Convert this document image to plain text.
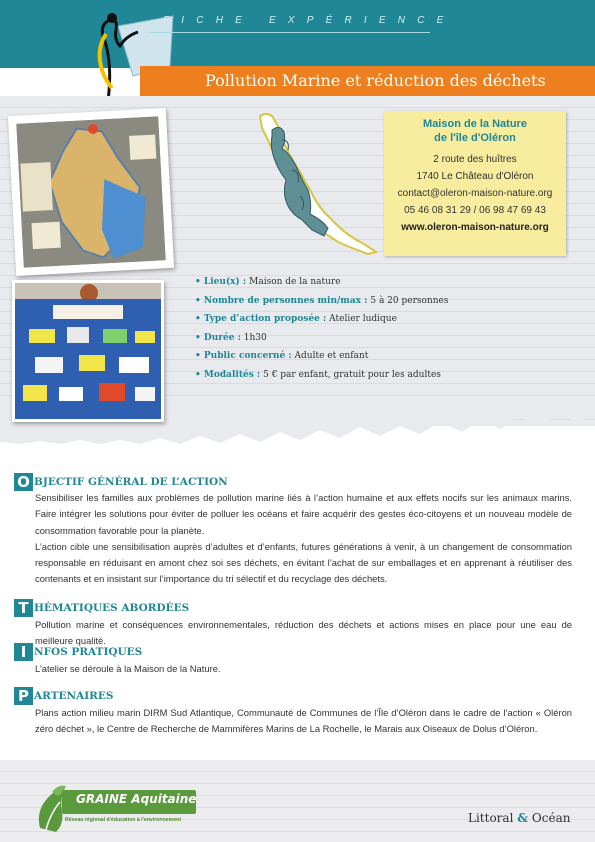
FICHE EXPÉRIENCE
Pollution Marine et réduction des déchets
Maison de la Nature
de l'île d'Oléron
2 route des huîtres
1740 Le Château d'Oléron
contact@oleron-maison-nature.org
05 46 08 31 29 / 06 98 47 69 43
www.oleron-maison-nature.org
• Lieu(x) : Maison de la nature
• Nombre de personnes min/max : 5 à 20 personnes
• Type d’action proposée : Atelier ludique
• Durée : 1h30
• Public concerné : Adulte et enfant
• Modalités : 5 € par enfant, gratuit pour les adultes
O BJECTIF GÉNÉRAL DE L’ACTION

Sensibiliser les familles aux problèmes de pollution marine liés à l’action humaine et aux effets nocifs sur les animaux marins. Faire intégrer les solutions pour éviter de polluer les océans et faire acquérir des gestes éco-citoyens et un nouveau modèle de consommation favorable pour la planète.

L’action cible une sensibilisation auprès d’adultes et d’enfants, futures générations à venir, à un changement de consommation responsable en réduisant en amont chez soi ses déchets, en évitant l’achat de sur emballages et en apprenant à réutiliser des contenants et en insistant sur l’importance du tri sélectif et du recyclage des déchets.

T HÉMATIQUES ABORDÉES

Pollution marine et conséquences environnementales, réduction des déchets et actions mises en place pour une eau de meilleure qualité.

I NFOS PRATIQUES

L’atelier se déroule à la Maison de la Nature.

P ARTENAIRES

Plans action milieu marin DIRM Sud Atlantique, Communauté de Communes de l’Île d’Oléron dans le cadre de l’action « Oléron zéro déchet », le Centre de Recherche de Mammifères Marins de La Rochelle, le Marais aux Oiseaux de Dolus d’Oléron.

GRAINE Aquitaine
Réseau régional d'éducation à l'environnement	Littoral & Océan
